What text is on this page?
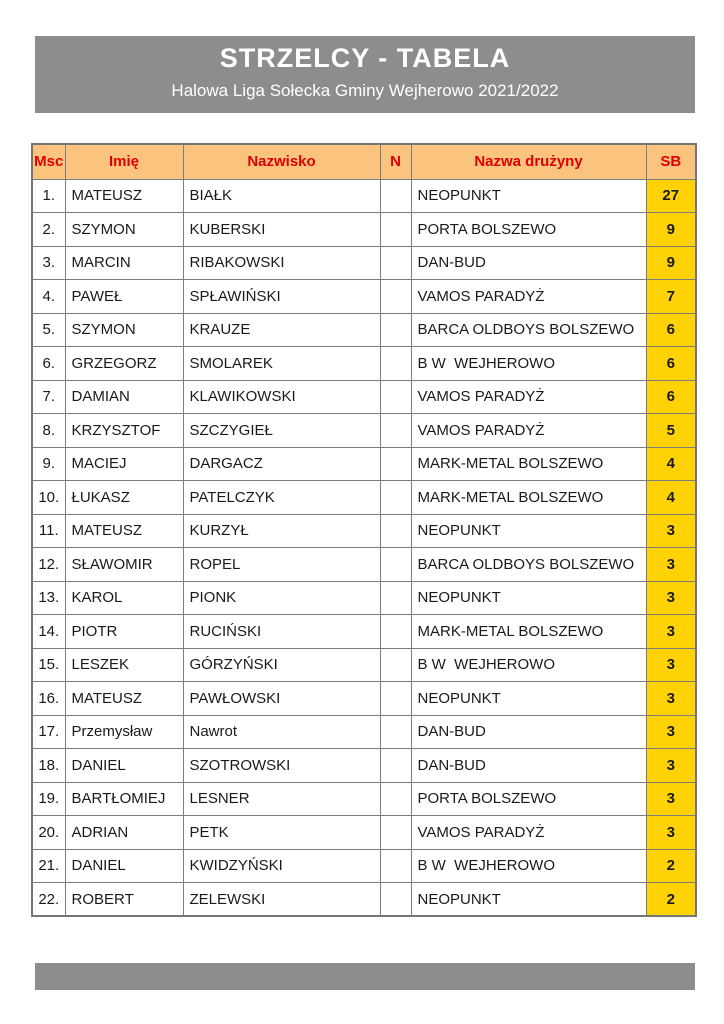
STRZELCY - TABELA
Halowa Liga Sołecka Gminy Wejherowo 2021/2022
Msc	Imię	Nazwisko	N	Nazwa drużyny	SB
1.	MATEUSZ	BIAŁK		NEOPUNKT	27
2.	SZYMON	KUBERSKI		PORTA BOLSZEWO	9
3.	MARCIN	RIBAKOWSKI		DAN-BUD	9
4.	PAWEŁ	SPŁAWIŃSKI		VAMOS PARADYŻ	7
5.	SZYMON	KRAUZE		BARCA OLDBOYS BOLSZEWO	6
6.	GRZEGORZ	SMOLAREK		B W  WEJHEROWO	6
7.	DAMIAN	KLAWIKOWSKI		VAMOS PARADYŻ	6
8.	KRZYSZTOF	SZCZYGIEŁ		VAMOS PARADYŻ	5
9.	MACIEJ	DARGACZ		MARK-METAL BOLSZEWO	4
10.	ŁUKASZ	PATELCZYK		MARK-METAL BOLSZEWO	4
11.	MATEUSZ	KURZYŁ		NEOPUNKT	3
12.	SŁAWOMIR	ROPEL		BARCA OLDBOYS BOLSZEWO	3
13.	KAROL	PIONK		NEOPUNKT	3
14.	PIOTR	RUCIŃSKI		MARK-METAL BOLSZEWO	3
15.	LESZEK	GÓRZYŃSKI		B W  WEJHEROWO	3
16.	MATEUSZ	PAWŁOWSKI		NEOPUNKT	3
17.	Przemysław	Nawrot		DAN-BUD	3
18.	DANIEL	SZOTROWSKI		DAN-BUD	3
19.	BARTŁOMIEJ	LESNER		PORTA BOLSZEWO	3
20.	ADRIAN	PETK		VAMOS PARADYŻ	3
21.	DANIEL	KWIDZYŃSKI		B W  WEJHEROWO	2
22.	ROBERT	ZELEWSKI		NEOPUNKT	2
